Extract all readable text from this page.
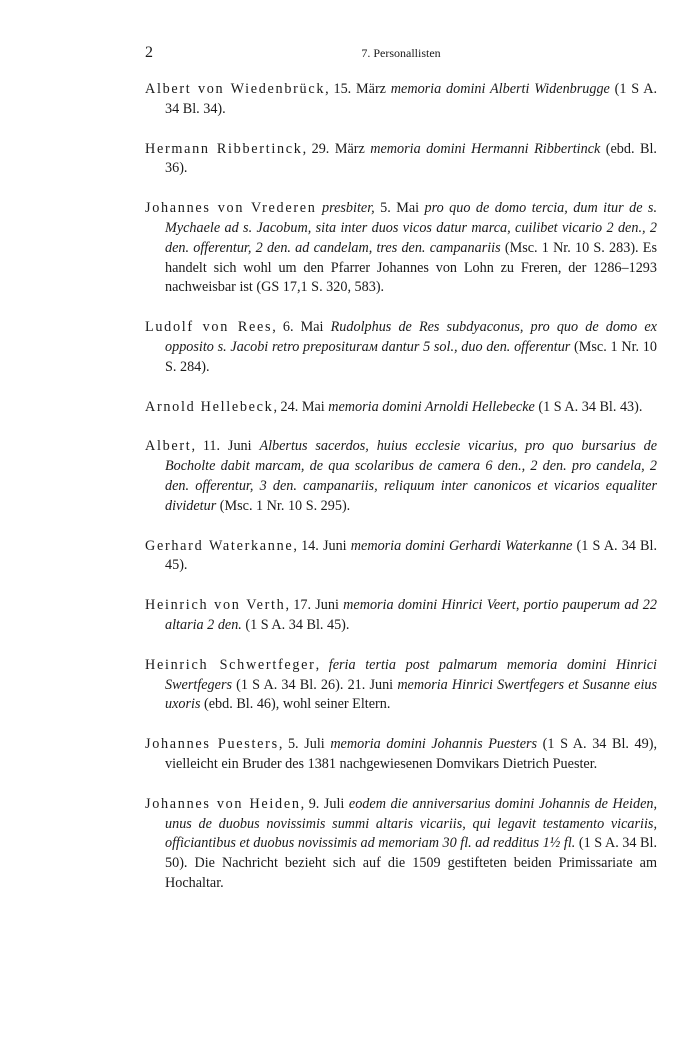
2	7. Personallisten

Albert von Wiedenbrück, 15. März memoria domini Alberti Widenbrugge (1 S A. 34 Bl. 34).

Hermann Ribbertinck, 29. März memoria domini Hermanni Ribbertinck (ebd. Bl. 36).

Johannes von Vrederen presbiter, 5. Mai pro quo de domo tercia, dum itur de s. Mychaele ad s. Jacobum, sita inter duos vicos datur marca, cuilibet vicario 2 den., 2 den. offerentur, 2 den. ad candelam, tres den. campanariis (Msc. 1 Nr. 10 S. 283). Es handelt sich wohl um den Pfarrer Johannes von Lohn zu Freren, der 1286–1293 nachweisbar ist (GS 17,1 S. 320, 583).

Ludolf von Rees, 6. Mai Rudolphus de Res subdyaconus, pro quo de domo ex opposito s. Jacobi retro prepositurам dantur 5 sol., duo den. offerentur (Msc. 1 Nr. 10 S. 284).

Arnold Hellebeck, 24. Mai memoria domini Arnoldi Hellebecke (1 S A. 34 Bl. 43).

Albert, 11. Juni Albertus sacerdos, huius ecclesie vicarius, pro quo bursarius de Bocholte dabit marcam, de qua scolaribus de camera 6 den., 2 den. pro candela, 2 den. offerentur, 3 den. campanariis, reliquum inter canonicos et vicarios equaliter dividetur (Msc. 1 Nr. 10 S. 295).

Gerhard Waterkanne, 14. Juni memoria domini Gerhardi Waterkanne (1 S A. 34 Bl. 45).

Heinrich von Verth, 17. Juni memoria domini Hinrici Veert, portio pauperum ad 22 altaria 2 den. (1 S A. 34 Bl. 45).

Heinrich Schwertfeger, feria tertia post palmarum memoria domini Hinrici Swertfegers (1 S A. 34 Bl. 26). 21. Juni memoria Hinrici Swertfegers et Susanne eius uxoris (ebd. Bl. 46), wohl seiner Eltern.

Johannes Puesters, 5. Juli memoria domini Johannis Puesters (1 S A. 34 Bl. 49), vielleicht ein Bruder des 1381 nachgewiesenen Domvikars Dietrich Puester.

Johannes von Heiden, 9. Juli eodem die anniversarius domini Johannis de Heiden, unus de duobus novissimis summi altaris vicariis, qui legavit testamento vicariis, officiantibus et duobus novissimis ad memoriam 30 fl. ad redditus 1½ fl. (1 S A. 34 Bl. 50). Die Nachricht bezieht sich auf die 1509 gestifteten beiden Primissariate am Hochaltar.
